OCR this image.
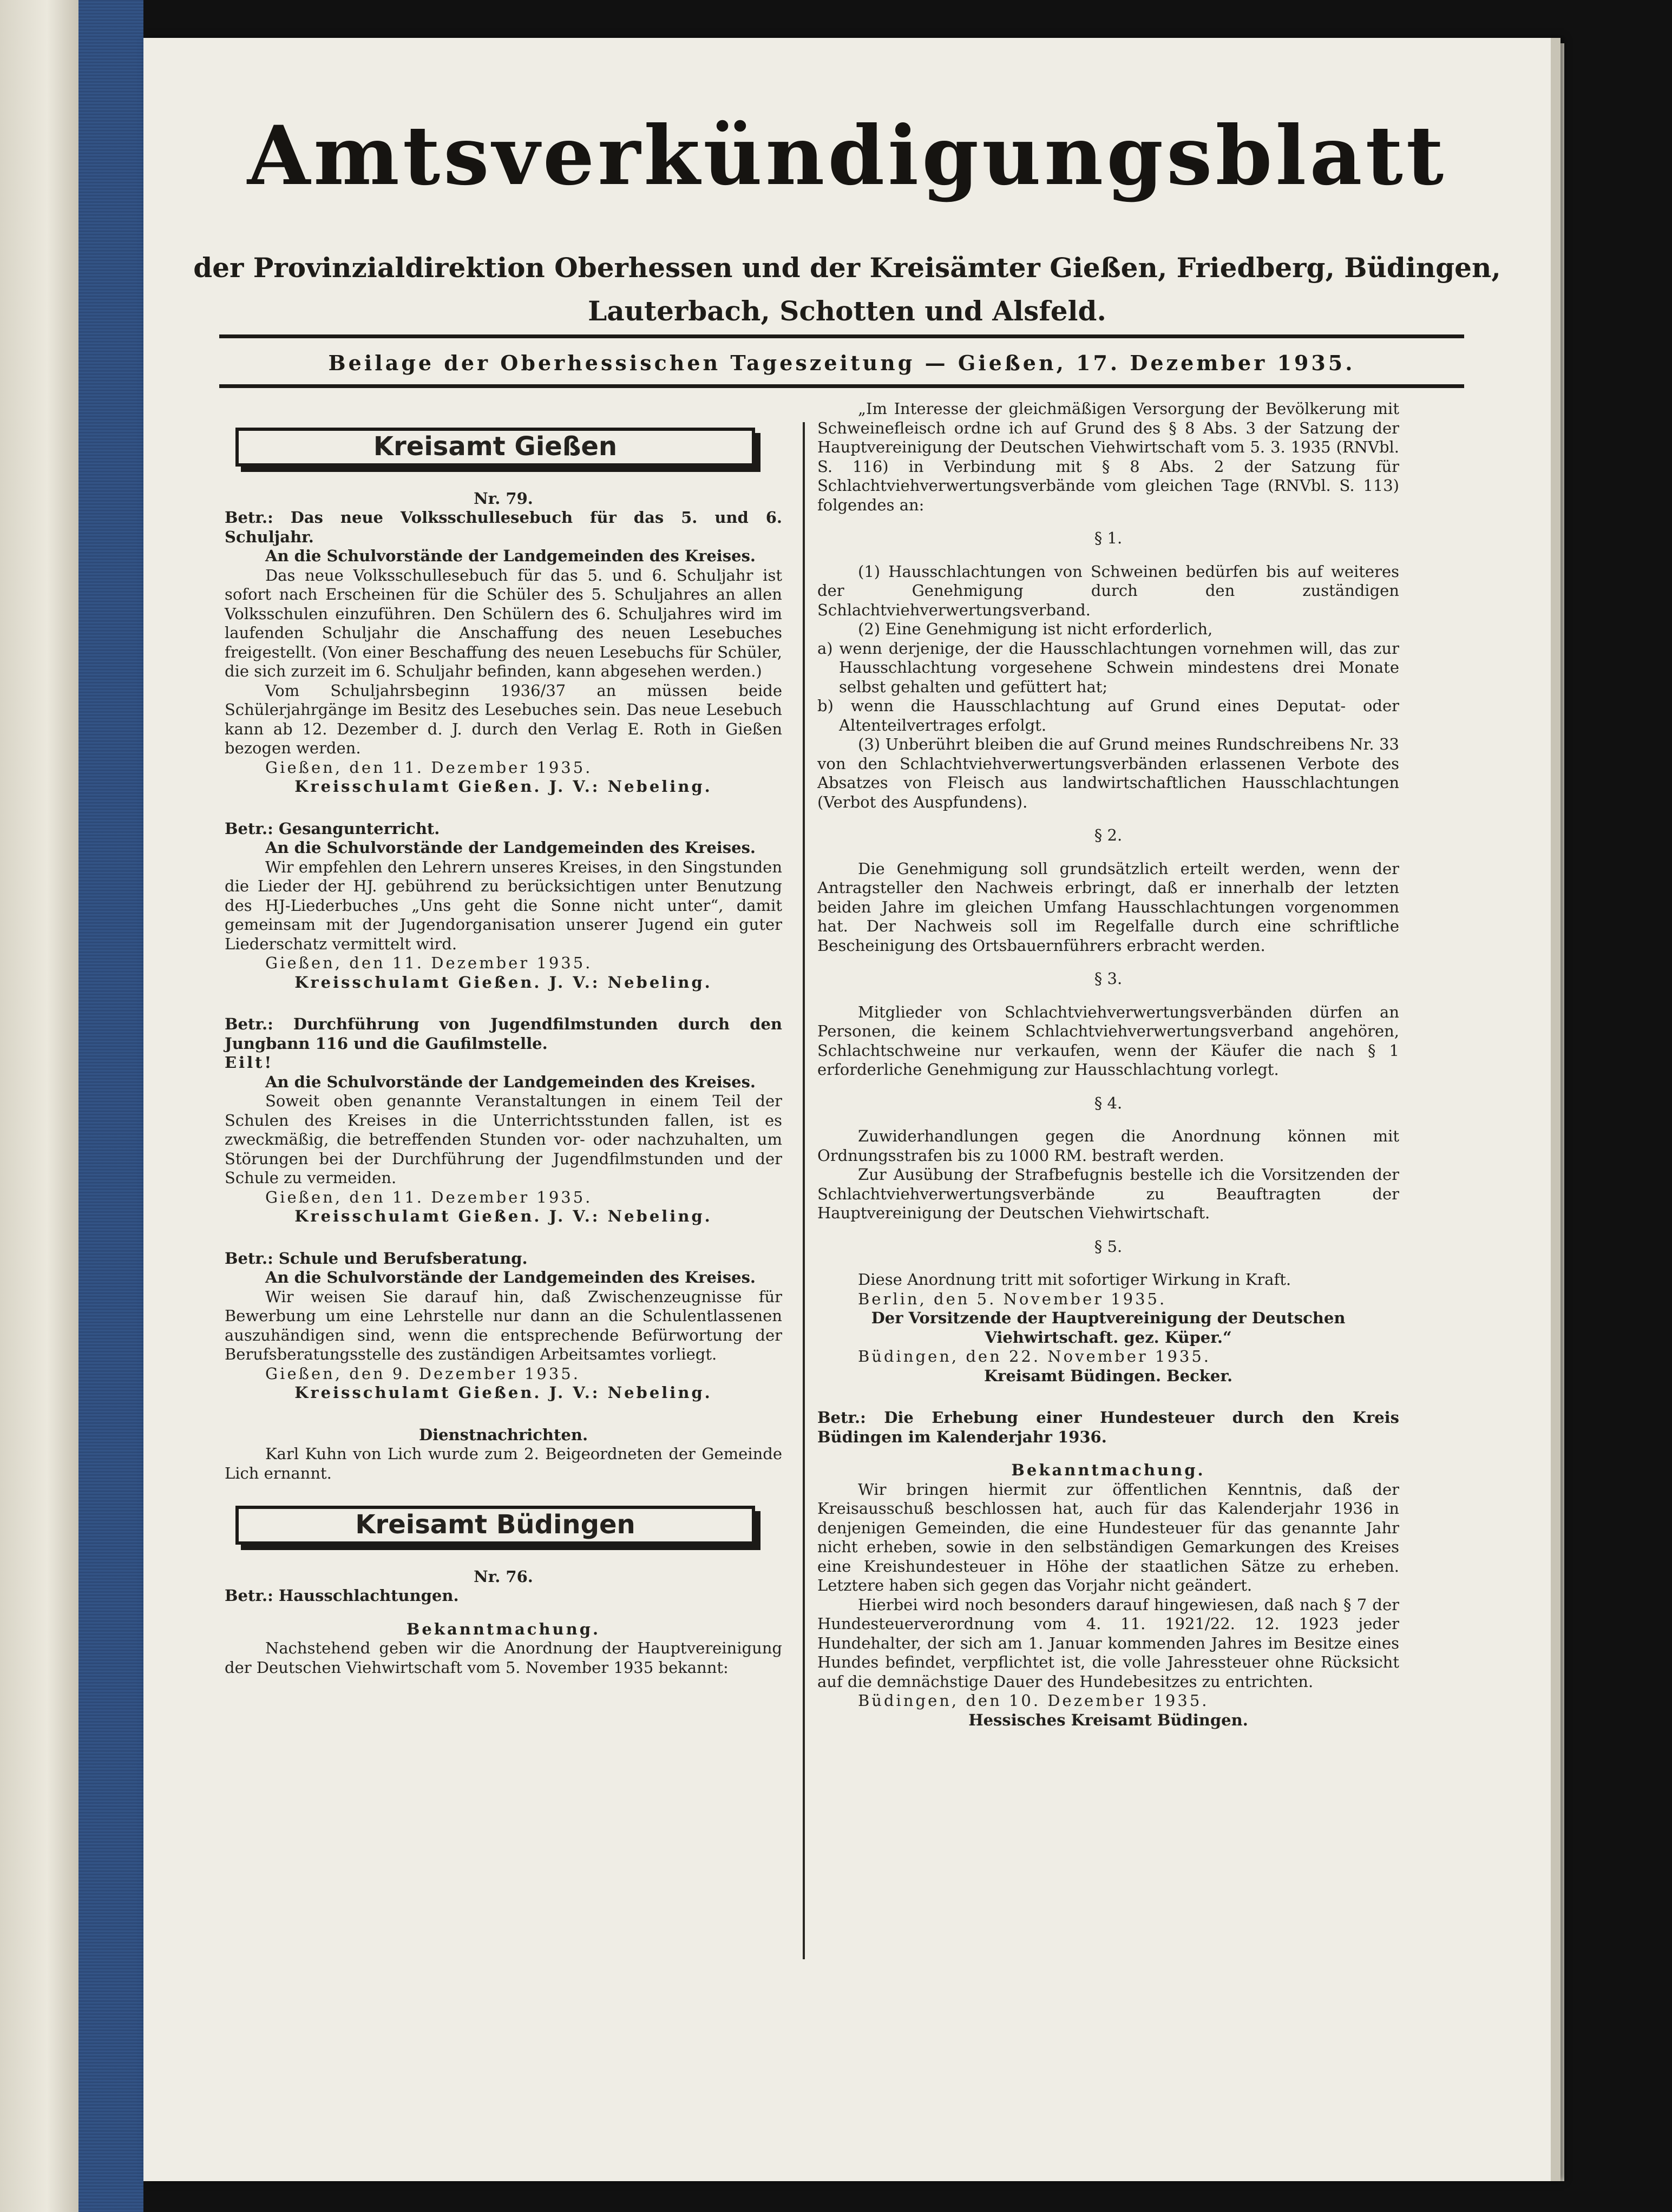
Amtsverkündigungsblatt
der Provinzialdirektion Oberhessen und der Kreisämter Gießen, Friedberg, Büdingen,
Lauterbach, Schotten und Alsfeld.
Beilage der Oberhessischen Tageszeitung — Gießen, 17. Dezember 1935.
Kreisamt Gießen

Nr. 79.

Betr.: Das neue Volksschullesebuch für das 5. und 6. Schuljahr.

An die Schulvorstände der Landgemeinden des Kreises.

Das neue Volksschullesebuch für das 5. und 6. Schuljahr ist sofort nach Erscheinen für die Schüler des 5. Schuljahres an allen Volksschulen einzuführen. Den Schülern des 6. Schuljahres wird im laufenden Schuljahr die Anschaffung des neuen Lesebuches freigestellt. (Von einer Beschaffung des neuen Lesebuchs für Schüler, die sich zurzeit im 6. Schuljahr befinden, kann abgesehen werden.)

Vom Schuljahrsbeginn 1936/37 an müssen beide Schülerjahrgänge im Besitz des Lesebuches sein. Das neue Lesebuch kann ab 12. Dezember d. J. durch den Verlag E. Roth in Gießen bezogen werden.

Gießen, den 11. Dezember 1935.

Kreisschulamt Gießen. J. V.: Nebeling.

Betr.: Gesangunterricht.

An die Schulvorstände der Landgemeinden des Kreises.

Wir empfehlen den Lehrern unseres Kreises, in den Singstunden die Lieder der HJ. gebührend zu berücksichtigen unter Benutzung des HJ-Liederbuches „Uns geht die Sonne nicht unter“, damit gemeinsam mit der Jugendorganisation unserer Jugend ein guter Liederschatz vermittelt wird.

Gießen, den 11. Dezember 1935.

Kreisschulamt Gießen. J. V.: Nebeling.

Betr.: Durchführung von Jugendfilmstunden durch den Jungbann 116 und die Gaufilmstelle.

Eilt!

An die Schulvorstände der Landgemeinden des Kreises.

Soweit oben genannte Veranstaltungen in einem Teil der Schulen des Kreises in die Unterrichtsstunden fallen, ist es zweckmäßig, die betreffenden Stunden vor- oder nachzuhalten, um Störungen bei der Durchführung der Jugendfilmstunden und der Schule zu vermeiden.

Gießen, den 11. Dezember 1935.

Kreisschulamt Gießen. J. V.: Nebeling.

Betr.: Schule und Berufsberatung.

An die Schulvorstände der Landgemeinden des Kreises.

Wir weisen Sie darauf hin, daß Zwischenzeugnisse für Bewerbung um eine Lehrstelle nur dann an die Schulentlassenen auszuhändigen sind, wenn die entsprechende Befürwortung der Berufsberatungsstelle des zuständigen Arbeitsamtes vorliegt.

Gießen, den 9. Dezember 1935.

Kreisschulamt Gießen. J. V.: Nebeling.

Dienstnachrichten.

Karl Kuhn von Lich wurde zum 2. Beigeordneten der Gemeinde Lich ernannt.

Kreisamt Büdingen

Nr. 76.

Betr.: Hausschlachtungen.

Bekanntmachung.

Nachstehend geben wir die Anordnung der Hauptvereinigung der Deutschen Viehwirtschaft vom 5. November 1935 bekannt:

„Im Interesse der gleichmäßigen Versorgung der Bevölkerung mit Schweinefleisch ordne ich auf Grund des § 8 Abs. 3 der Satzung der Hauptvereinigung der Deutschen Viehwirtschaft vom 5. 3. 1935 (RNVbl. S. 116) in Verbindung mit § 8 Abs. 2 der Satzung für Schlachtviehverwertungsverbände vom gleichen Tage (RNVbl. S. 113) folgendes an:

§ 1.

(1) Hausschlachtungen von Schweinen bedürfen bis auf weiteres der Genehmigung durch den zuständigen Schlachtviehverwertungsverband.

(2) Eine Genehmigung ist nicht erforderlich,

a) wenn derjenige, der die Hausschlachtungen vornehmen will, das zur Hausschlachtung vorgesehene Schwein mindestens drei Monate selbst gehalten und gefüttert hat;

b) wenn die Hausschlachtung auf Grund eines Deputat- oder Altenteilvertrages erfolgt.

(3) Unberührt bleiben die auf Grund meines Rundschreibens Nr. 33 von den Schlachtviehverwertungsverbänden erlassenen Verbote des Absatzes von Fleisch aus landwirtschaftlichen Hausschlachtungen (Verbot des Auspfundens).

§ 2.

Die Genehmigung soll grundsätzlich erteilt werden, wenn der Antragsteller den Nachweis erbringt, daß er innerhalb der letzten beiden Jahre im gleichen Umfang Hausschlachtungen vorgenommen hat. Der Nachweis soll im Regelfalle durch eine schriftliche Bescheinigung des Ortsbauernführers erbracht werden.

§ 3.

Mitglieder von Schlachtviehverwertungsverbänden dürfen an Personen, die keinem Schlachtviehverwertungsverband angehören, Schlachtschweine nur verkaufen, wenn der Käufer die nach § 1 erforderliche Genehmigung zur Hausschlachtung vorlegt.

§ 4.

Zuwiderhandlungen gegen die Anordnung können mit Ordnungsstrafen bis zu 1000 RM. bestraft werden.

Zur Ausübung der Strafbefugnis bestelle ich die Vorsitzenden der Schlachtviehverwertungsverbände zu Beauftragten der Hauptvereinigung der Deutschen Viehwirtschaft.

§ 5.

Diese Anordnung tritt mit sofortiger Wirkung in Kraft.

Berlin, den 5. November 1935.

Der Vorsitzende der Hauptvereinigung der Deutschen

Viehwirtschaft. gez. Küper.“

Büdingen, den 22. November 1935.

Kreisamt Büdingen. Becker.

Betr.: Die Erhebung einer Hundesteuer durch den Kreis Büdingen im Kalenderjahr 1936.

Bekanntmachung.

Wir bringen hiermit zur öffentlichen Kenntnis, daß der Kreisausschuß beschlossen hat, auch für das Kalenderjahr 1936 in denjenigen Gemeinden, die eine Hundesteuer für das genannte Jahr nicht erheben, sowie in den selbständigen Gemarkungen des Kreises eine Kreishundesteuer in Höhe der staatlichen Sätze zu erheben. Letztere haben sich gegen das Vorjahr nicht geändert.

Hierbei wird noch besonders darauf hingewiesen, daß nach § 7 der Hundesteuerverordnung vom 4. 11. 1921/22. 12. 1923 jeder Hundehalter, der sich am 1. Januar kommenden Jahres im Besitze eines Hundes befindet, verpflichtet ist, die volle Jahressteuer ohne Rücksicht auf die demnächstige Dauer des Hundebesitzes zu entrichten.

Büdingen, den 10. Dezember 1935.

Hessisches Kreisamt Büdingen.
